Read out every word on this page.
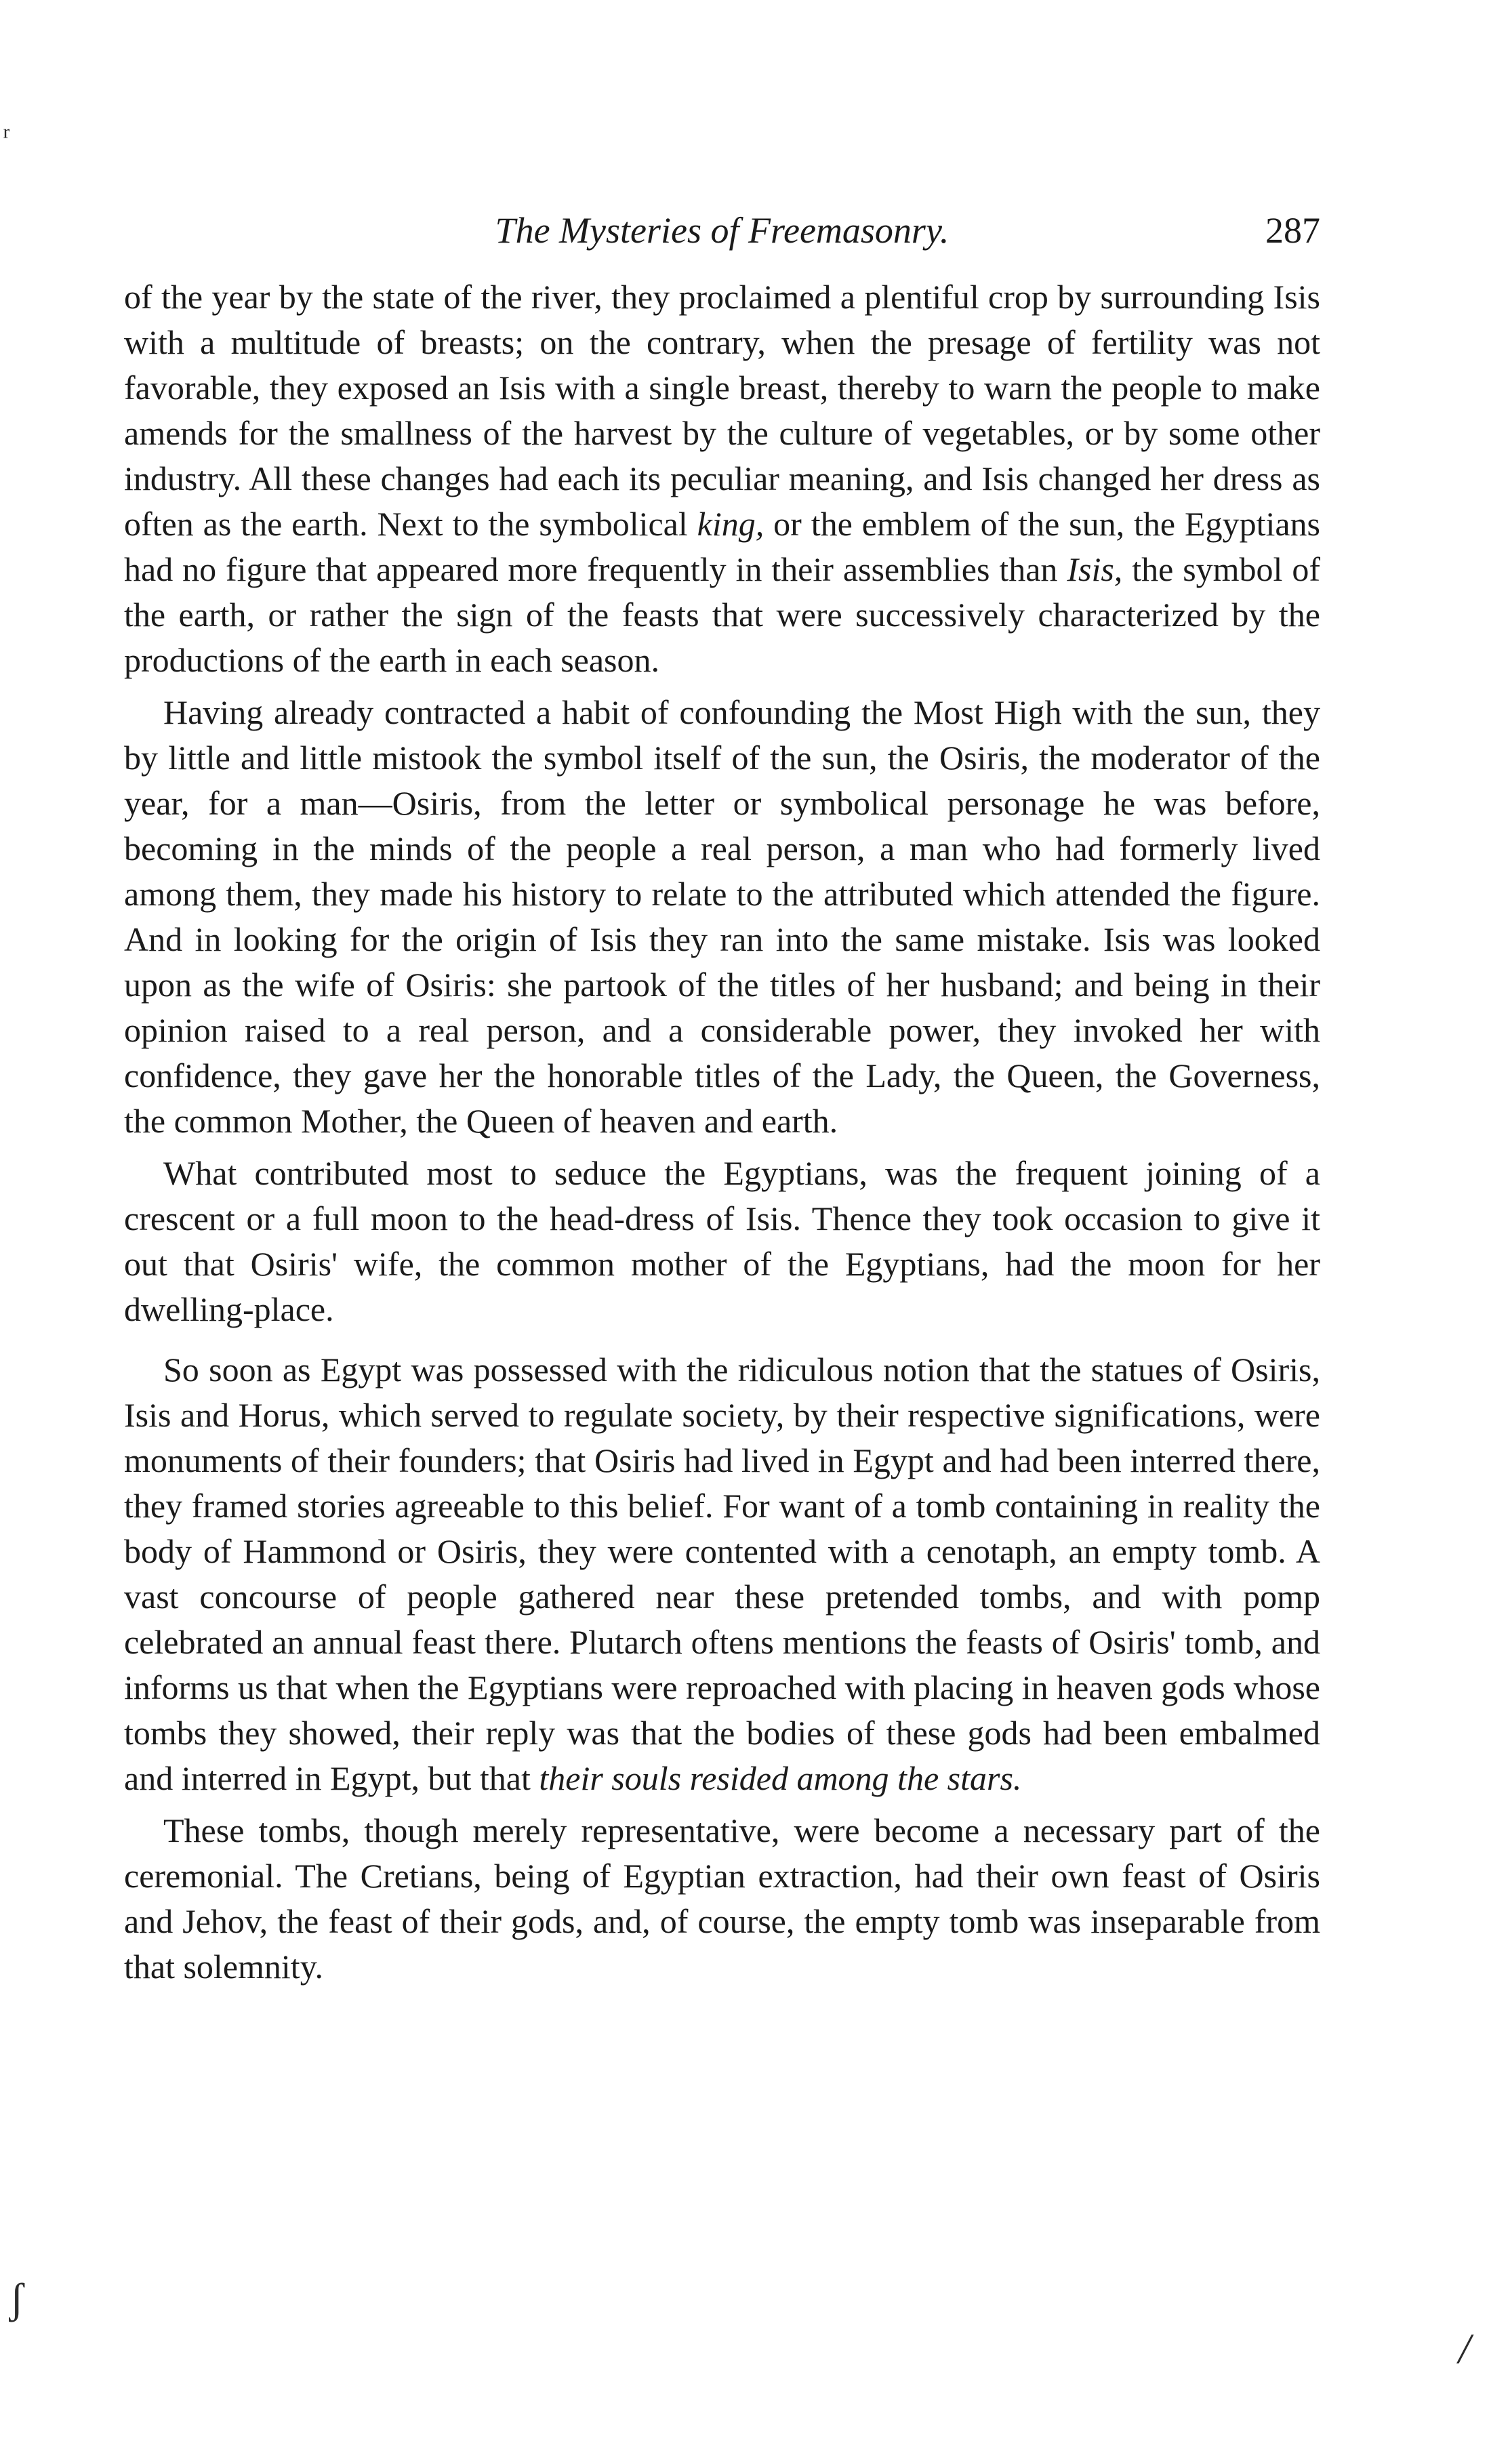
ʳ
The Mysteries of Freemasonry.	287

of the year by the state of the river, they proclaimed a plentiful crop by surrounding Isis with a multitude of breasts; on the contrary, when the presage of fertility was not favorable, they exposed an Isis with a single breast, thereby to warn the people to make amends for the smallness of the harvest by the culture of vegetables, or by some other industry. All these changes had each its peculiar meaning, and Isis changed her dress as often as the earth. Next to the symbolical king, or the emblem of the sun, the Egyptians had no figure that appeared more frequently in their assemblies than Isis, the symbol of the earth, or rather the sign of the feasts that were successively characterized by the productions of the earth in each season.

Having already contracted a habit of confounding the Most High with the sun, they by little and little mistook the symbol itself of the sun, the Osiris, the moderator of the year, for a man—Osiris, from the letter or symbolical personage he was before, becoming in the minds of the people a real person, a man who had formerly lived among them, they made his history to relate to the attributed which attended the figure. And in looking for the origin of Isis they ran into the same mistake. Isis was looked upon as the wife of Osiris: she partook of the titles of her husband; and being in their opinion raised to a real person, and a considerable power, they invoked her with confidence, they gave her the honorable titles of the Lady, the Queen, the Governess, the common Mother, the Queen of heaven and earth.

What contributed most to seduce the Egyptians, was the frequent joining of a crescent or a full moon to the head-dress of Isis. Thence they took occasion to give it out that Osiris' wife, the common mother of the Egyptians, had the moon for her dwelling-place.

So soon as Egypt was possessed with the ridiculous notion that the statues of Osiris, Isis and Horus, which served to regulate society, by their respective significations, were monuments of their founders; that Osiris had lived in Egypt and had been interred there, they framed stories agreeable to this belief. For want of a tomb containing in reality the body of Hammond or Osiris, they were contented with a cenotaph, an empty tomb. A vast concourse of people gathered near these pretended tombs, and with pomp celebrated an annual feast there. Plutarch oftens mentions the feasts of Osiris' tomb, and informs us that when the Egyptians were reproached with placing in heaven gods whose tombs they showed, their reply was that the bodies of these gods had been embalmed and interred in Egypt, but that their souls resided among the stars.

These tombs, though merely representative, were become a necessary part of the ceremonial. The Cretians, being of Egyptian extraction, had their own feast of Osiris and Jehov, the feast of their gods, and, of course, the empty tomb was inseparable from that solemnity.

ʃ
/
